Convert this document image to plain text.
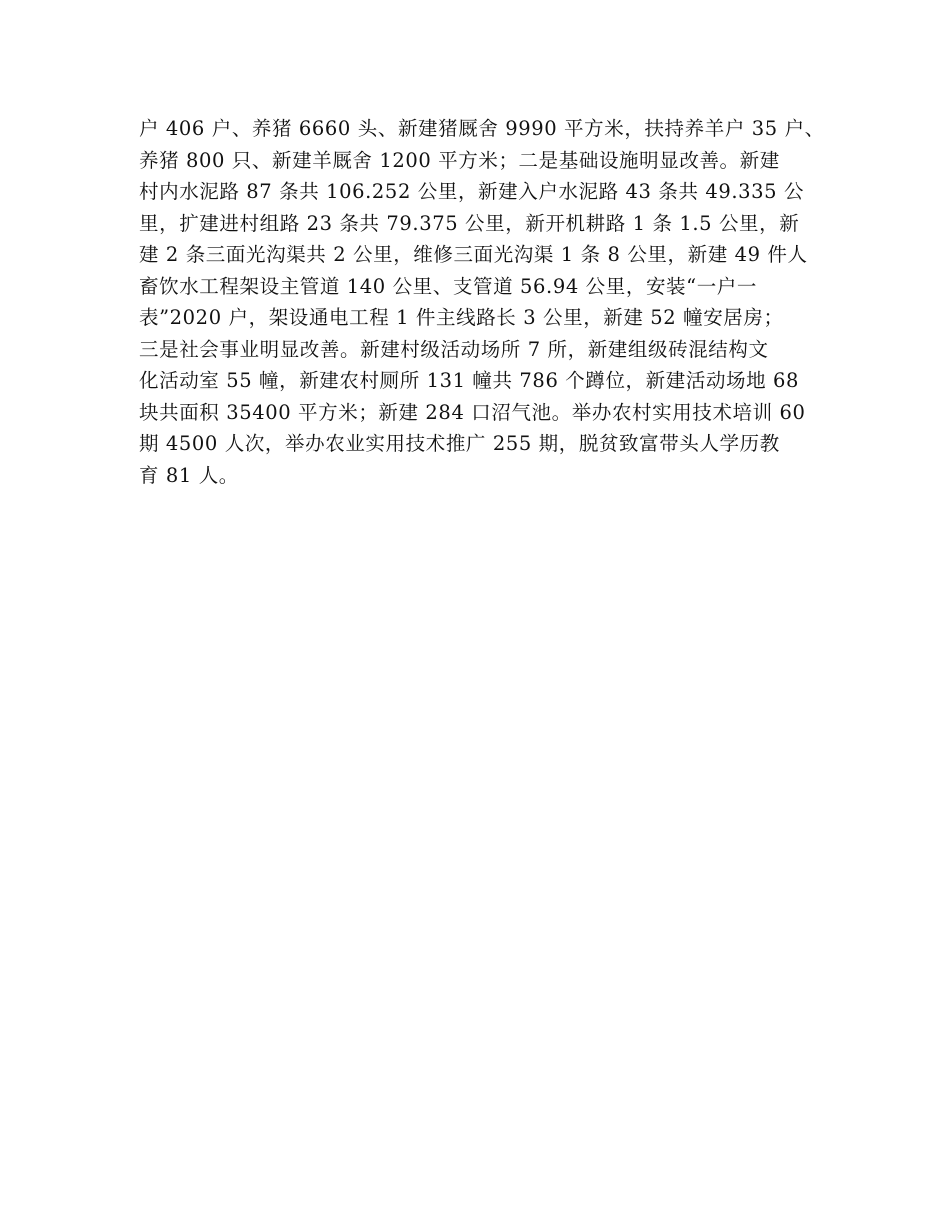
户 406 户、养猪 6660 头、新建猪厩舍 9990 平方米，扶持养羊户 35 户、
养猪 800 只、新建羊厩舍 1200 平方米；二是基础设施明显改善。新建
村内水泥路 87 条共 106.252 公里，新建入户水泥路 43 条共 49.335 公
里，扩建进村组路 23 条共 79.375 公里，新开机耕路 1 条 1.5 公里，新
建 2 条三面光沟渠共 2 公里，维修三面光沟渠 1 条 8 公里，新建 49 件人
畜饮水工程架设主管道 140 公里、支管道 56.94 公里，安装“一户一
表”2020 户，架设通电工程 1 件主线路长 3 公里，新建 52 幢安居房；
三是社会事业明显改善。新建村级活动场所 7 所，新建组级砖混结构文
化活动室 55 幢，新建农村厕所 131 幢共 786 个蹲位，新建活动场地 68
块共面积 35400 平方米；新建 284 口沼气池。举办农村实用技术培训 60
期 4500 人次，举办农业实用技术推广 255 期，脱贫致富带头人学历教
育 81 人。
